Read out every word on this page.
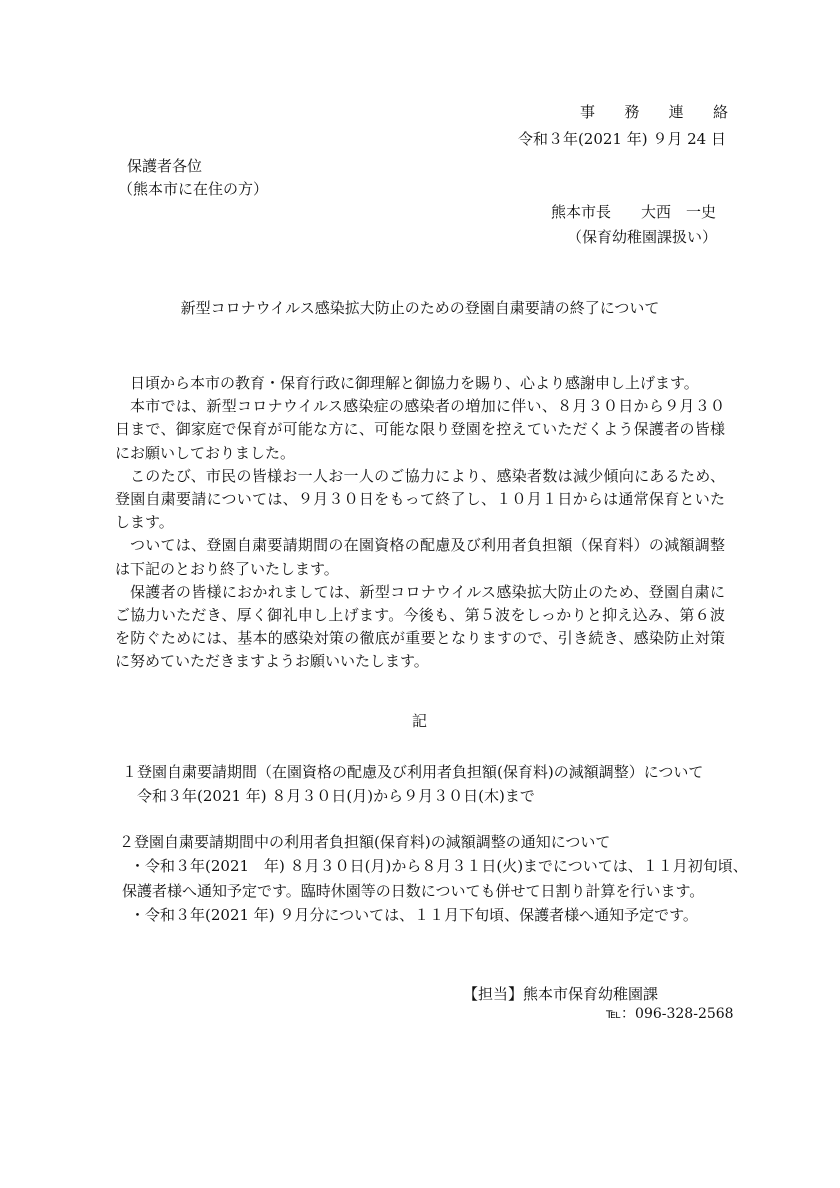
事 務 連 絡
令和３年(2021 年) ９月 24 日
保護者各位
（熊本市に在住の方）
熊本市長　　大西　一史
（保育幼稚園課扱い）
新型コロナウイルス感染拡大防止のための登園自粛要請の終了について

日頃から本市の教育・保育行政に御理解と御協力を賜り、心より感謝申し上げます。

本市では、新型コロナウイルス感染症の感染者の増加に伴い、８月３０日から９月３０日まで、御家庭で保育が可能な方に、可能な限り登園を控えていただくよう保護者の皆様にお願いしておりました。

このたび、市民の皆様お一人お一人のご協力により、感染者数は減少傾向にあるため、登園自粛要請については、９月３０日をもって終了し、１０月１日からは通常保育といたします。

ついては、登園自粛要請期間の在園資格の配慮及び利用者負担額（保育料）の減額調整は下記のとおり終了いたします。

保護者の皆様におかれましては、新型コロナウイルス感染拡大防止のため、登園自粛にご協力いただき、厚く御礼申し上げます。今後も、第５波をしっかりと抑え込み、第６波を防ぐためには、基本的感染対策の徹底が重要となりますので、引き続き、感染防止対策に努めていただきますようお願いいたします。

記
１登園自粛要請期間（在園資格の配慮及び利用者負担額(保育料)の減額調整）について
令和３年(2021 年) ８月３０日(月)から９月３０日(木)まで
２登園自粛要請期間中の利用者負担額(保育料)の減額調整の通知について
・令和３年(2021　年) ８月３０日(月)から８月３１日(火)までについては、１１月初旬頃、
保護者様へ通知予定です。臨時休園等の日数についても併せて日割り計算を行います。
・令和３年(2021 年) ９月分については、１１月下旬頃、保護者様へ通知予定です。
【担当】熊本市保育幼稚園課
℡：096-328-2568
